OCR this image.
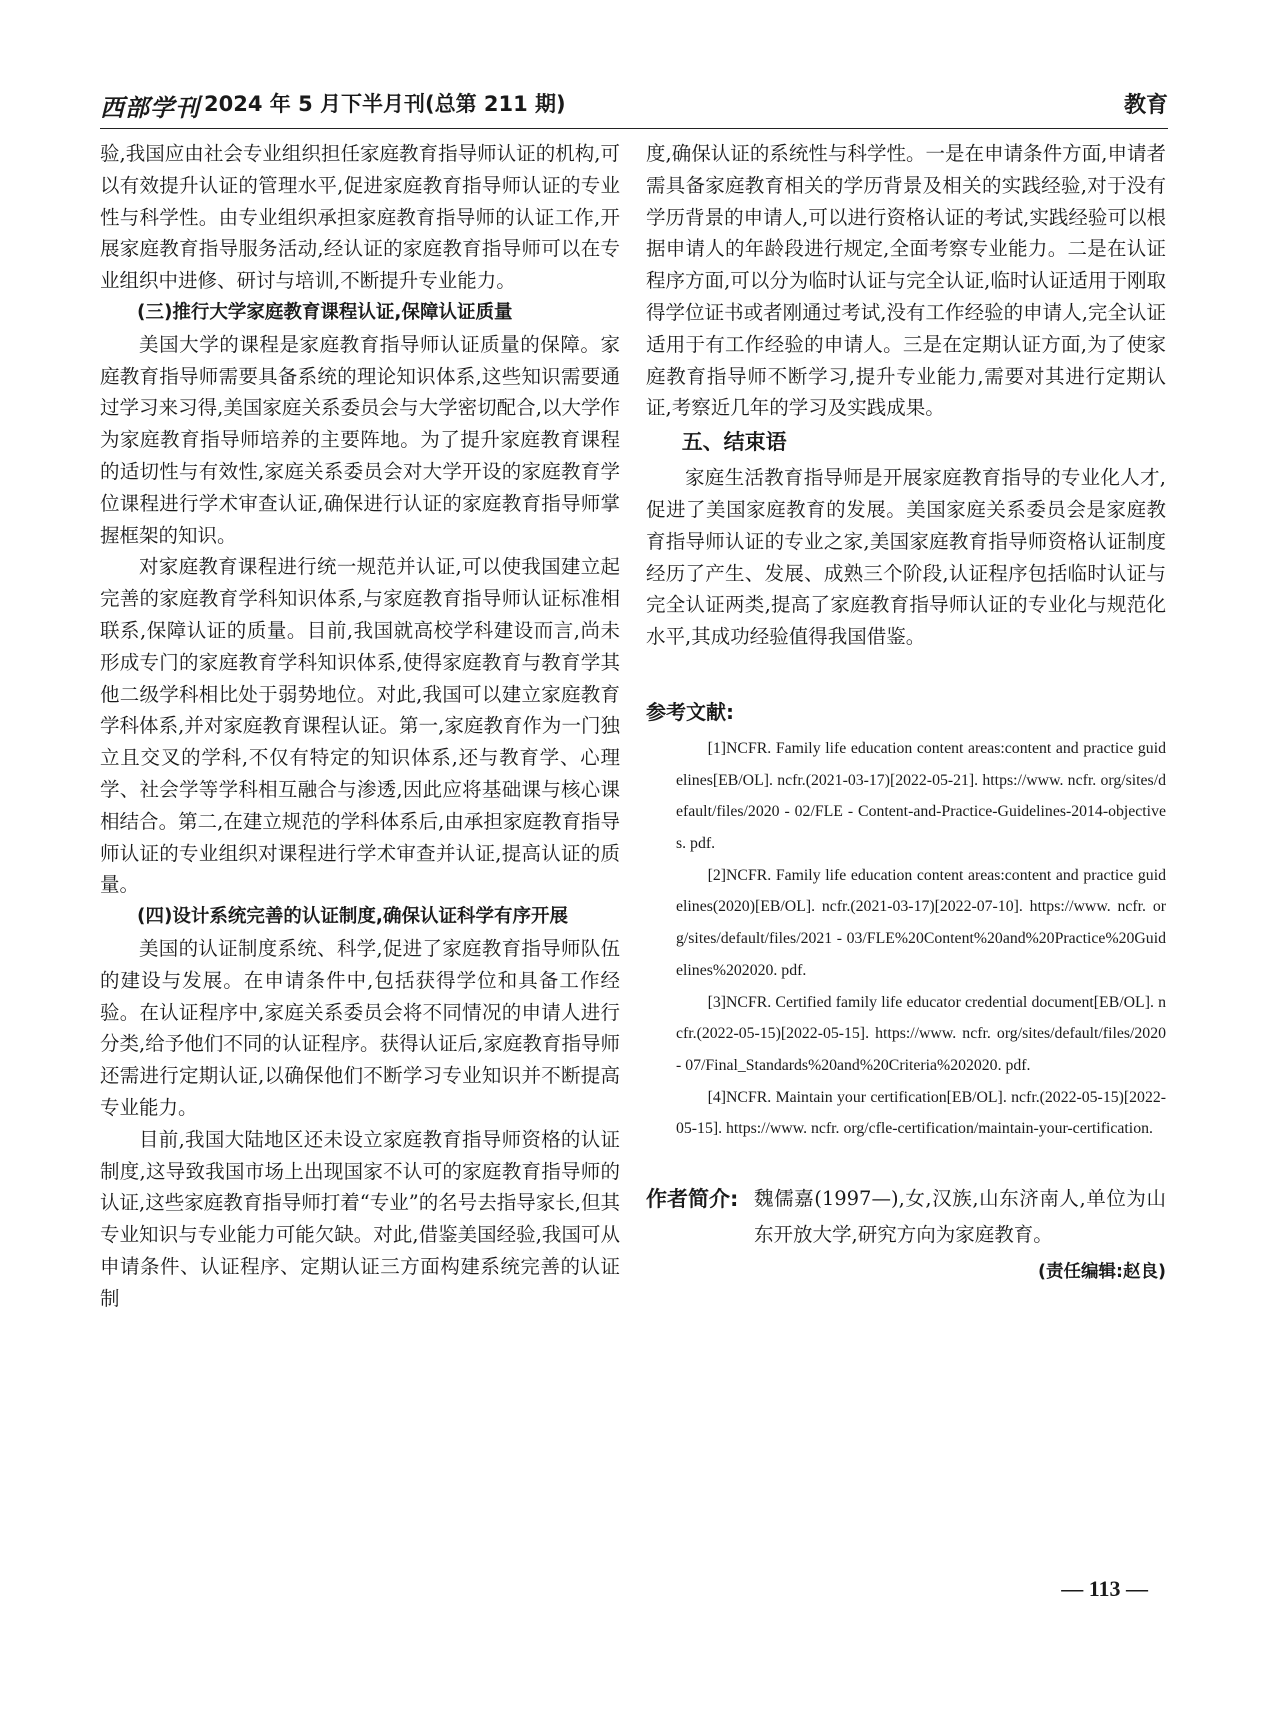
西部学刊 2024 年 5 月下半月刊(总第 211 期)	教育

验,我国应由社会专业组织担任家庭教育指导师认证的机构,可以有效提升认证的管理水平,促进家庭教育指导师认证的专业性与科学性。由专业组织承担家庭教育指导师的认证工作,开展家庭教育指导服务活动,经认证的家庭教育指导师可以在专业组织中进修、研讨与培训,不断提升专业能力。

(三)推行大学家庭教育课程认证,保障认证质量

美国大学的课程是家庭教育指导师认证质量的保障。家庭教育指导师需要具备系统的理论知识体系,这些知识需要通过学习来习得,美国家庭关系委员会与大学密切配合,以大学作为家庭教育指导师培养的主要阵地。为了提升家庭教育课程的适切性与有效性,家庭关系委员会对大学开设的家庭教育学位课程进行学术审查认证,确保进行认证的家庭教育指导师掌握框架的知识。

对家庭教育课程进行统一规范并认证,可以使我国建立起完善的家庭教育学科知识体系,与家庭教育指导师认证标准相联系,保障认证的质量。目前,我国就高校学科建设而言,尚未形成专门的家庭教育学科知识体系,使得家庭教育与教育学其他二级学科相比处于弱势地位。对此,我国可以建立家庭教育学科体系,并对家庭教育课程认证。第一,家庭教育作为一门独立且交叉的学科,不仅有特定的知识体系,还与教育学、心理学、社会学等学科相互融合与渗透,因此应将基础课与核心课相结合。第二,在建立规范的学科体系后,由承担家庭教育指导师认证的专业组织对课程进行学术审查并认证,提高认证的质量。

(四)设计系统完善的认证制度,确保认证科学有序开展

美国的认证制度系统、科学,促进了家庭教育指导师队伍的建设与发展。在申请条件中,包括获得学位和具备工作经验。在认证程序中,家庭关系委员会将不同情况的申请人进行分类,给予他们不同的认证程序。获得认证后,家庭教育指导师还需进行定期认证,以确保他们不断学习专业知识并不断提高专业能力。

目前,我国大陆地区还未设立家庭教育指导师资格的认证制度,这导致我国市场上出现国家不认可的家庭教育指导师的认证,这些家庭教育指导师打着“专业”的名号去指导家长,但其专业知识与专业能力可能欠缺。对此,借鉴美国经验,我国可从申请条件、认证程序、定期认证三方面构建系统完善的认证制

度,确保认证的系统性与科学性。一是在申请条件方面,申请者需具备家庭教育相关的学历背景及相关的实践经验,对于没有学历背景的申请人,可以进行资格认证的考试,实践经验可以根据申请人的年龄段进行规定,全面考察专业能力。二是在认证程序方面,可以分为临时认证与完全认证,临时认证适用于刚取得学位证书或者刚通过考试,没有工作经验的申请人,完全认证适用于有工作经验的申请人。三是在定期认证方面,为了使家庭教育指导师不断学习,提升专业能力,需要对其进行定期认证,考察近几年的学习及实践成果。

五、结束语

家庭生活教育指导师是开展家庭教育指导的专业化人才,促进了美国家庭教育的发展。美国家庭关系委员会是家庭教育指导师认证的专业之家,美国家庭教育指导师资格认证制度经历了产生、发展、成熟三个阶段,认证程序包括临时认证与完全认证两类,提高了家庭教育指导师认证的专业化与规范化水平,其成功经验值得我国借鉴。

参考文献:

[1]NCFR. Family life education content areas:content and practice guidelines[EB/OL]. ncfr.(2021-03-17)[2022-05-21]. https://www. ncfr. org/sites/default/files/2020 - 02/FLE - Content-and-Practice-Guidelines-2014-objectives. pdf.

[2]NCFR. Family life education content areas:content and practice guidelines(2020)[EB/OL]. ncfr.(2021-03-17)[2022-07-10]. https://www. ncfr. org/sites/default/files/2021 - 03/FLE%20Content%20and%20Practice%20Guidelines%202020. pdf.

[3]NCFR. Certified family life educator credential document[EB/OL]. ncfr.(2022-05-15)[2022-05-15]. https://www. ncfr. org/sites/default/files/2020 - 07/Final_Standards%20and%20Criteria%202020. pdf.

[4]NCFR. Maintain your certification[EB/OL]. ncfr.(2022-05-15)[2022-05-15]. https://www. ncfr. org/cfle-certification/maintain-your-certification.

作者简介: 魏儒嘉(1997—),女,汉族,山东济南人,单位为山东开放大学,研究方向为家庭教育。
(责任编辑:赵良)
— 113 —
